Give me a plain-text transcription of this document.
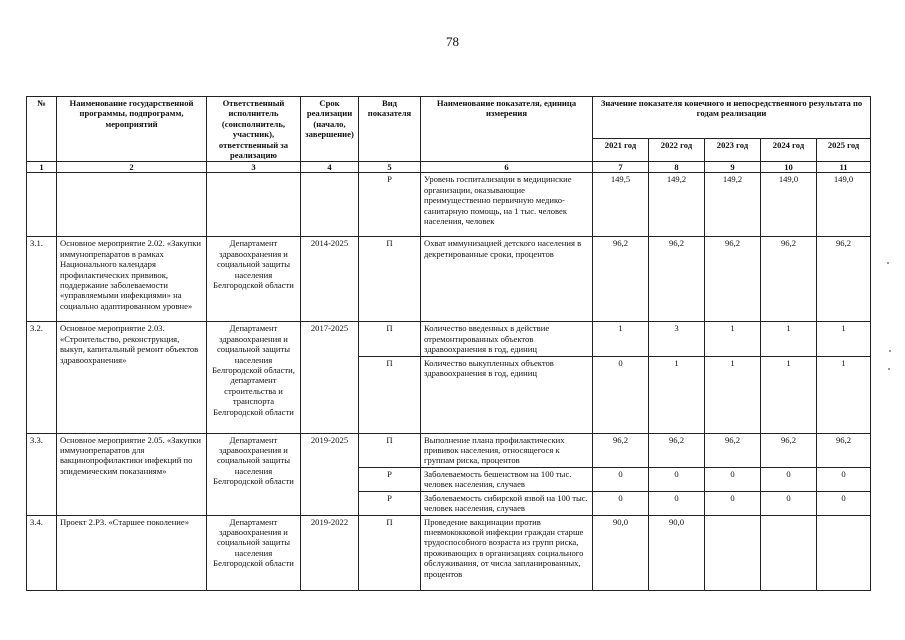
78
№	Наименование государственной программы, подпрограмм, мероприятий	Ответственный исполнитель (соисполнитель, участник), ответственный за реализацию	Срок реализации (начало, завершение)	Вид показателя	Наименование показателя, единица измерения	Значение показателя конечного и непосредственного результата по годам реализации				
						2021 год	2022 год	2023 год	2024 год	2025 год
1	2	3	4	5	6	7	8	9	10	11
				Р	Уровень госпитализации в медицинские организации, оказывающие преимущественно первичную медико-санитарную помощь, на 1 тыс. человек населения, человек	149,5	149,2	149,2	149,0	149,0
3.1.	Основное мероприятие 2.02. «Закупки иммунопрепаратов в рамках Национального календаря профилактических прививок, поддержание заболеваемости «управляемыми инфекциями» на социально адаптированном уровне»	Департамент здравоохранения и социальной защиты населения Белгородской области	2014-2025	П	Охват иммунизацией детского населения в декретированные сроки, процентов	96,2	96,2	96,2	96,2	96,2
3.2.	Основное мероприятие 2.03. «Строительство, реконструкция, выкуп, капитальный ремонт объектов здравоохранения»	Департамент здравоохранения и социальной защиты населения Белгородской области, департамент строительства и транспорта Белгородской области	2017-2025	П	Количество введенных в действие отремонтированных объектов здравоохранения в год, единиц	1	3	1	1	1
				П	Количество выкупленных объектов здравоохранения в год, единиц	0	1	1	1	1
3.3.	Основное мероприятие 2.05. «Закупки иммунопрепаратов для вакцинопрофилактики инфекций по эпидемическим показаниям»	Департамент здравоохранения и социальной защиты населения Белгородской области	2019-2025	П	Выполнение плана профилактических прививок населения, относящегося к группам риска, процентов	96,2	96,2	96,2	96,2	96,2
				Р	Заболеваемость бешенством на 100 тыс. человек населения, случаев	0	0	0	0	0
				Р	Заболеваемость сибирской язвой на 100 тыс. человек населения, случаев	0	0	0	0	0
3.4.	Проект 2.Р3. «Старшее поколение»	Департамент здравоохранения и социальной защиты населения Белгородской области	2019-2022	П	Проведение вакцинации против пневмококковой инфекции граждан старше трудоспособного возраста из групп риска, проживающих в организациях социального обслуживания, от числа запланированных, процентов	90,0	90,0			
